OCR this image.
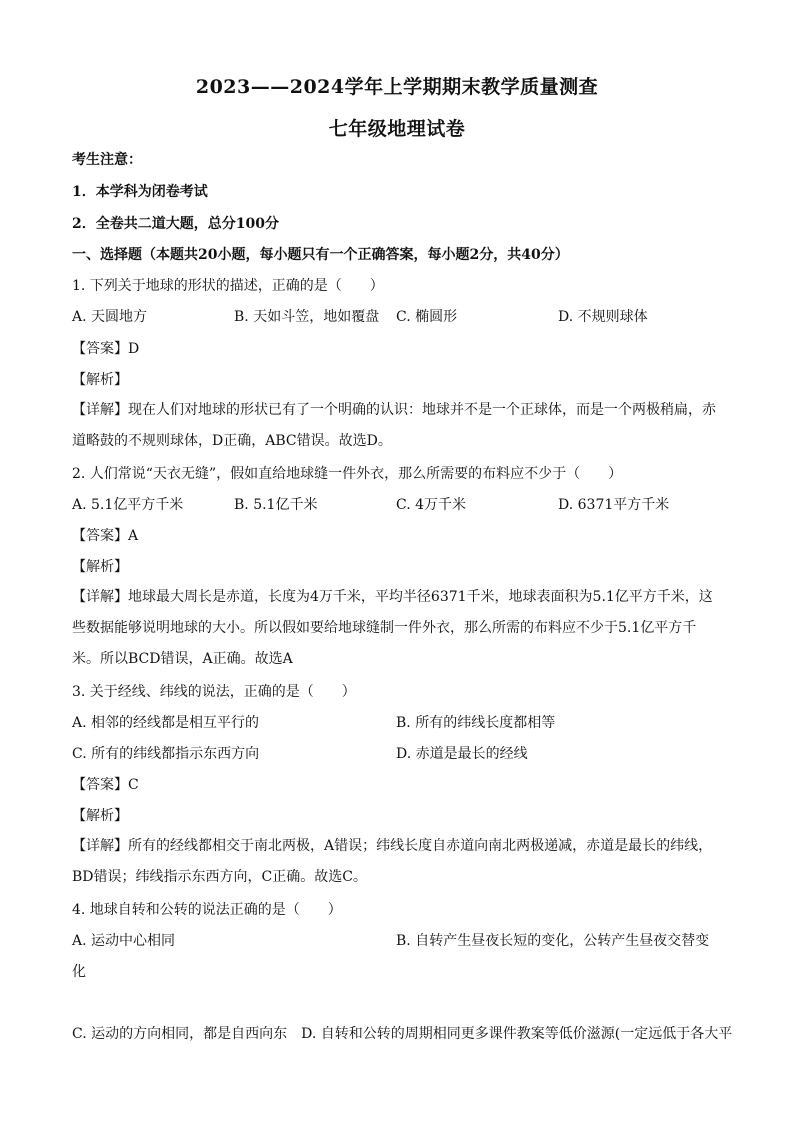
2023——2024学年上学期期末教学质量测查
七年级地理试卷
考生注意：
1．本学科为闭卷考试
2．全卷共二道大题，总分100分
一、选择题（本题共20小题，每小题只有一个正确答案，每小题2分，共40分）
1. 下列关于地球的形状的描述，正确的是（　　）
A. 天圆地方	B. 天如斗笠，地如覆盘 C. 椭圆形	D. 不规则球体
【答案】D
【解析】
【详解】现在人们对地球的形状已有了一个明确的认识：地球并不是一个正球体，而是一个两极稍扁，赤道略鼓的不规则球体，D正确，ABC错误。故选D。
2. 人们常说“天衣无缝”，假如直给地球缝一件外衣，那么所需要的布料应不少于（　　）
A. 5.1亿平方千米	B. 5.1亿千米	C. 4万千米	D. 6371平方千米
【答案】A
【解析】
【详解】地球最大周长是赤道，长度为4万千米，平均半径6371千米，地球表面积为5.1亿平方千米，这些数据能够说明地球的大小。所以假如要给地球缝制一件外衣，那么所需的布料应不少于5.1亿平方千米。所以BCD错误，A正确。故选A
3. 关于经线、纬线的说法，正确的是（　　）
A. 相邻的经线都是相互平行的	B. 所有的纬线长度都相等
C. 所有的纬线都指示东西方向	D. 赤道是最长的经线
【答案】C
【解析】
【详解】所有的经线都相交于南北两极，A错误；纬线长度自赤道向南北两极递减，赤道是最长的纬线，BD错误；纬线指示东西方向，C正确。故选C。
4. 地球自转和公转的说法正确的是（　　）
A. 运动中心相同	B. 自转产生昼夜长短的变化，公转产生昼夜交替变化
C. 运动的方向相同，都是自西向东　D. 自转和公转的周期相同更多课件教案等低价滋源(一定远低于各大平
